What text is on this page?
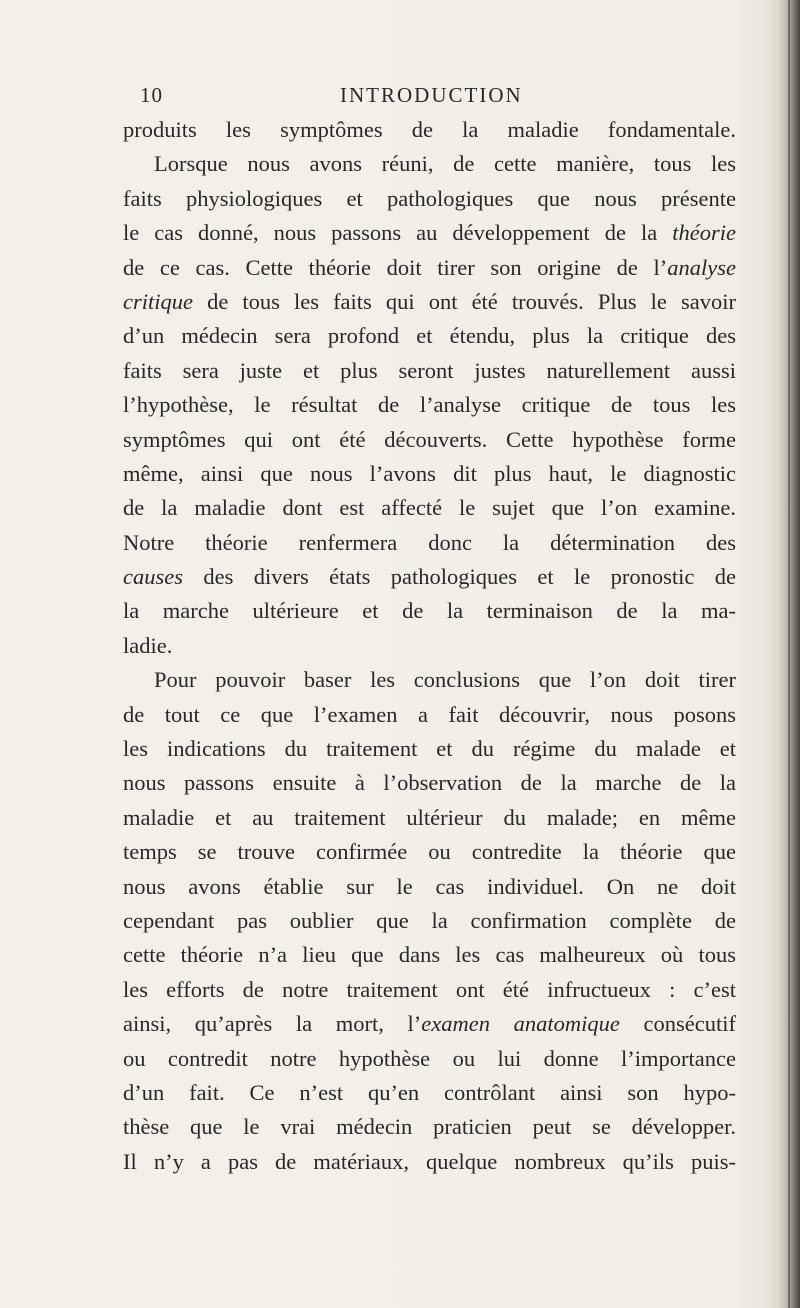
10	INTRODUCTION
produits les symptômes de la maladie fondamentale.
Lorsque nous avons réuni, de cette manière, tous les
faits physiologiques et pathologiques que nous présente
le cas donné, nous passons au développement de la théorie
de ce cas. Cette théorie doit tirer son origine de l’analyse
critique de tous les faits qui ont été trouvés. Plus le savoir
d’un médecin sera profond et étendu, plus la critique des
faits sera juste et plus seront justes naturellement aussi
l’hypothèse, le résultat de l’analyse critique de tous les
symptômes qui ont été découverts. Cette hypothèse forme
même, ainsi que nous l’avons dit plus haut, le diagnostic
de la maladie dont est affecté le sujet que l’on examine.
Notre théorie renfermera donc la détermination des
causes des divers états pathologiques et le pronostic de
la marche ultérieure et de la terminaison de la ma-
ladie.
Pour pouvoir baser les conclusions que l’on doit tirer
de tout ce que l’examen a fait découvrir, nous posons
les indications du traitement et du régime du malade et
nous passons ensuite à l’observation de la marche de la
maladie et au traitement ultérieur du malade; en même
temps se trouve confirmée ou contredite la théorie que
nous avons établie sur le cas individuel. On ne doit
cependant pas oublier que la confirmation complète de
cette théorie n’a lieu que dans les cas malheureux où tous
les efforts de notre traitement ont été infructueux : c’est
ainsi, qu’après la mort, l’examen anatomique consécutif
ou contredit notre hypothèse ou lui donne l’importance
d’un fait. Ce n’est qu’en contrôlant ainsi son hypo-
thèse que le vrai médecin praticien peut se développer.
Il n’y a pas de matériaux, quelque nombreux qu’ils puis-
